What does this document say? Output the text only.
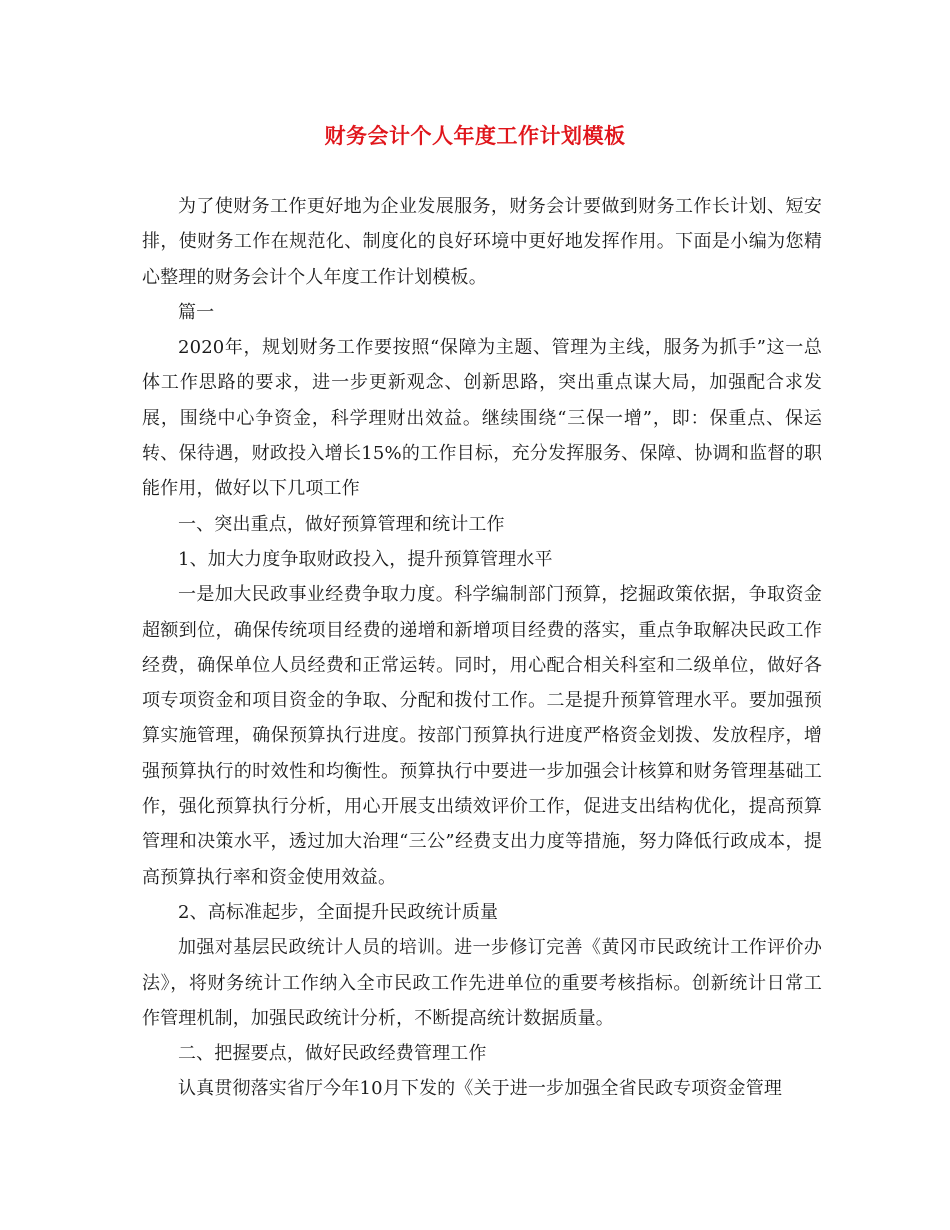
财务会计个人年度工作计划模板

为了使财务工作更好地为企业发展服务，财务会计要做到财务工作长计划、短安排，使财务工作在规范化、制度化的良好环境中更好地发挥作用。下面是小编为您精心整理的财务会计个人年度工作计划模板。

篇一

2020年，规划财务工作要按照“保障为主题、管理为主线，服务为抓手”这一总体工作思路的要求，进一步更新观念、创新思路，突出重点谋大局，加强配合求发展，围绕中心争资金，科学理财出效益。继续围绕“三保一增”，即：保重点、保运转、保待遇，财政投入增长15%的工作目标，充分发挥服务、保障、协调和监督的职能作用，做好以下几项工作

一、突出重点，做好预算管理和统计工作

1、加大力度争取财政投入，提升预算管理水平

一是加大民政事业经费争取力度。科学编制部门预算，挖掘政策依据，争取资金超额到位，确保传统项目经费的递增和新增项目经费的落实，重点争取解决民政工作经费，确保单位人员经费和正常运转。同时，用心配合相关科室和二级单位，做好各项专项资金和项目资金的争取、分配和拨付工作。二是提升预算管理水平。要加强预算实施管理，确保预算执行进度。按部门预算执行进度严格资金划拨、发放程序，增强预算执行的时效性和均衡性。预算执行中要进一步加强会计核算和财务管理基础工作，强化预算执行分析，用心开展支出绩效评价工作，促进支出结构优化，提高预算管理和决策水平，透过加大治理“三公”经费支出力度等措施，努力降低行政成本，提高预算执行率和资金使用效益。

2、高标准起步，全面提升民政统计质量

加强对基层民政统计人员的培训。进一步修订完善《黄冈市民政统计工作评价办法》，将财务统计工作纳入全市民政工作先进单位的重要考核指标。创新统计日常工作管理机制，加强民政统计分析，不断提高统计数据质量。

二、把握要点，做好民政经费管理工作

认真贯彻落实省厅今年10月下发的《关于进一步加强全省民政专项资金管理
